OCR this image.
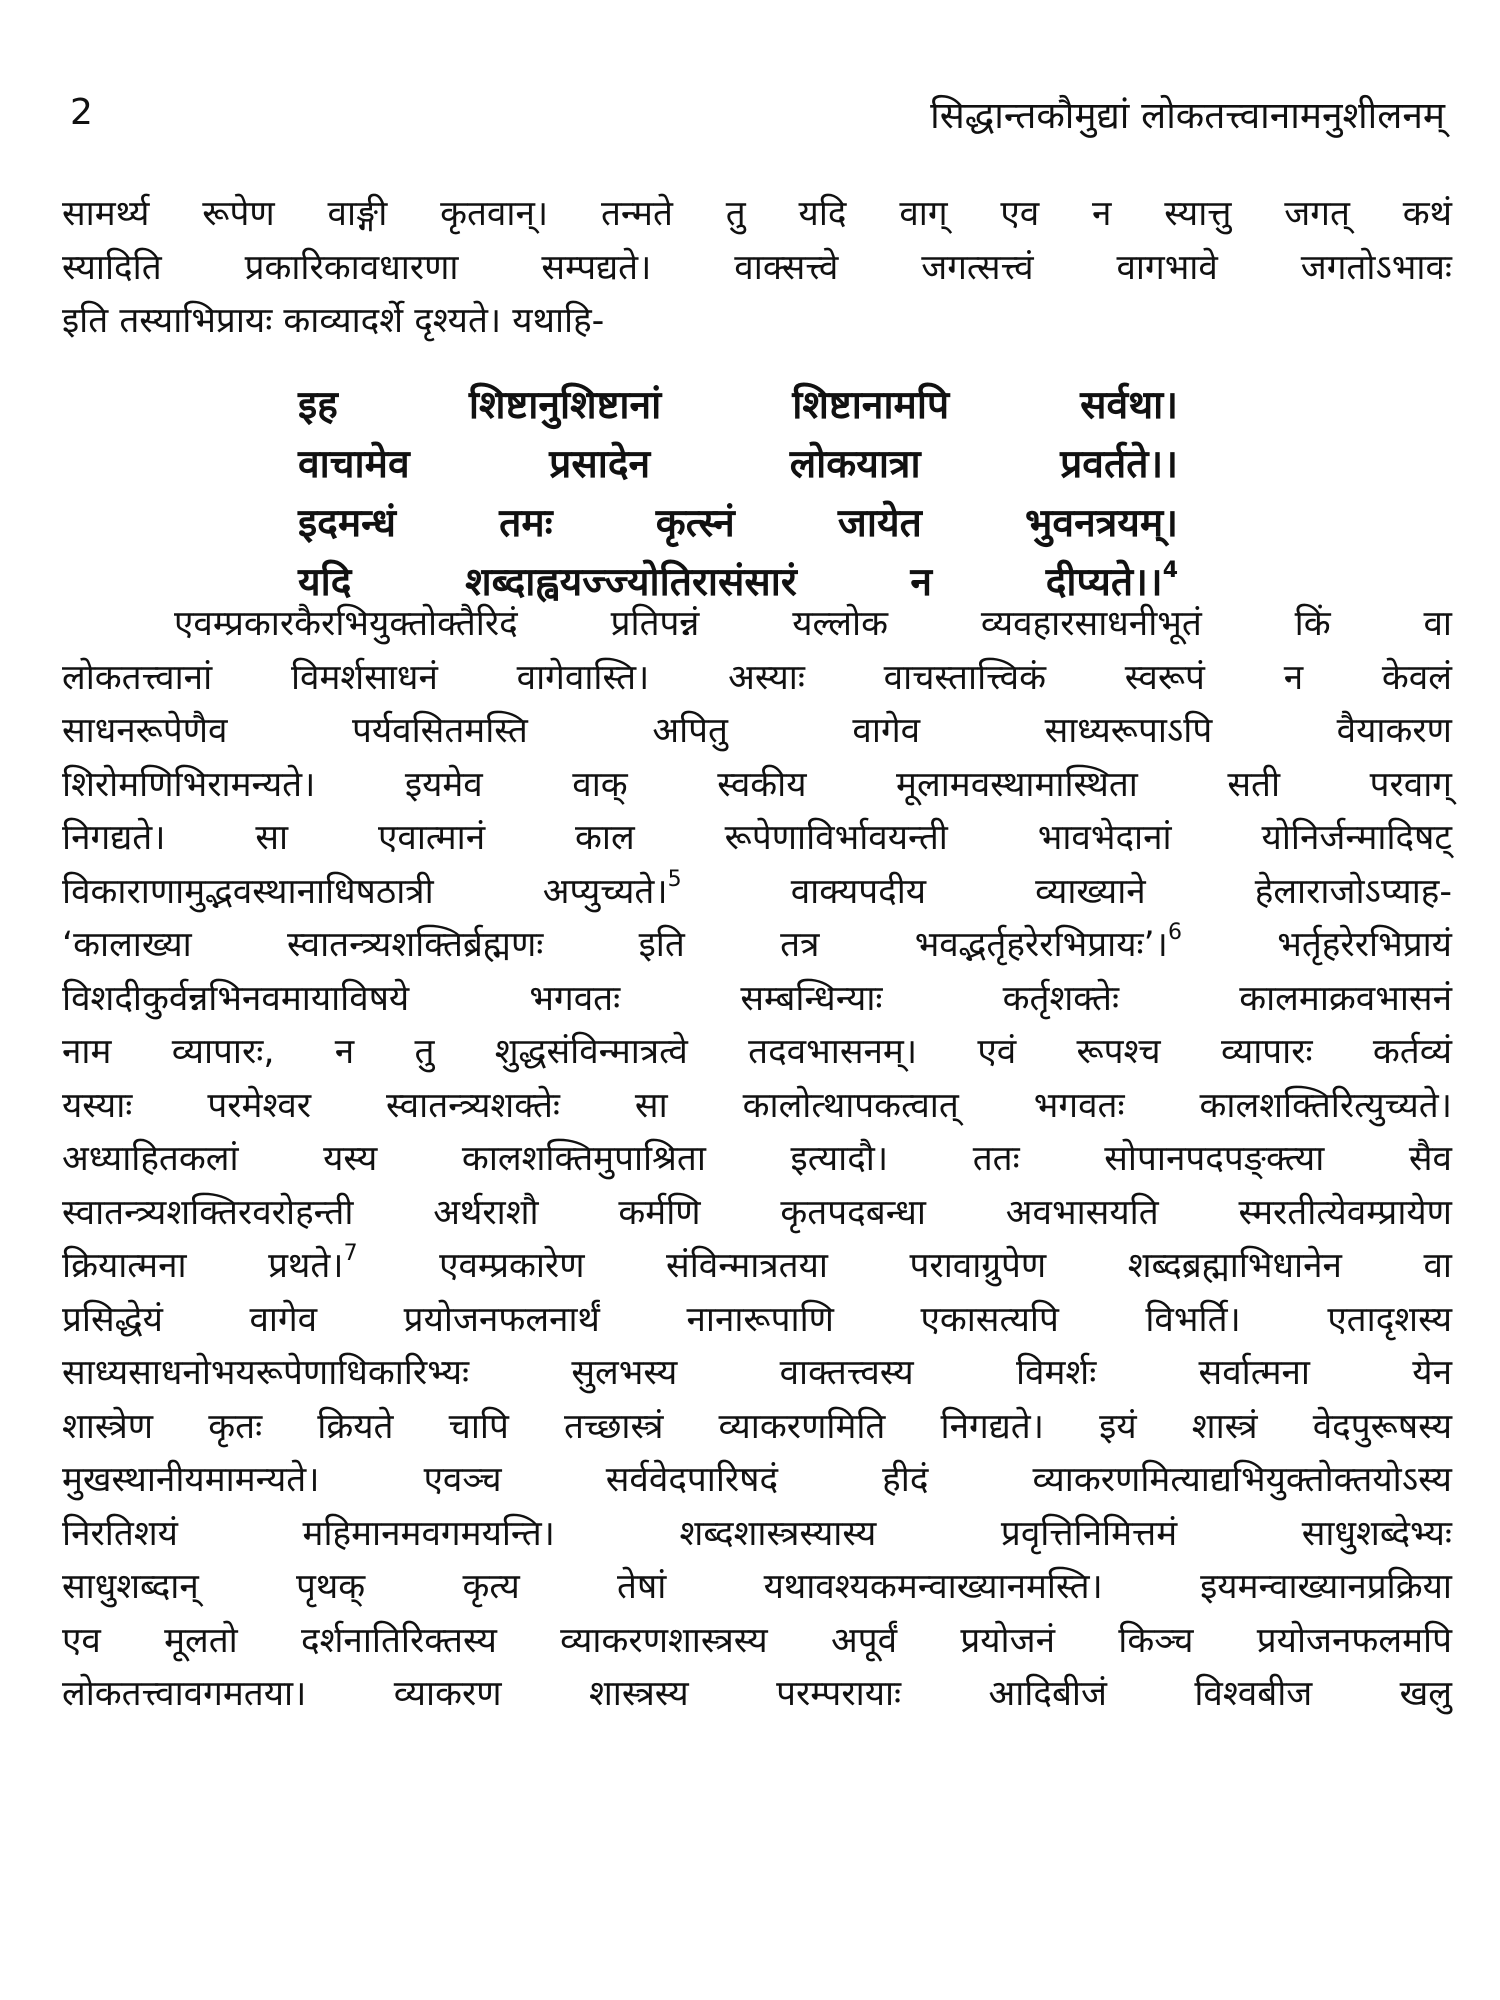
2	सिद्धान्तकौमुद्यां लोकतत्त्वानामनुशीलनम्
सामर्थ्य रूपेण वाङ्गी कृतवान्। तन्मते तु यदि वाग् एव न स्यात्तु जगत् कथं
स्यादिति प्रकारिकावधारणा सम्पद्यते। वाक्सत्त्वे जगत्सत्त्वं वागभावे जगतोऽभावः
इति तस्याभिप्रायः काव्यादर्शे दृश्यते। यथाहि-
इह शिष्टानुशिष्टानां शिष्टानामपि सर्वथा।
वाचामेव प्रसादेन लोकयात्रा प्रवर्तते।।
इदमन्धं तमः कृत्स्नं जायेत भुवनत्रयम्।
यदि शब्दाह्वयज्ज्योतिरासंसारं न दीप्यते।।$^4$
एवम्प्रकारकैरभियुक्तोक्तैरिदं प्रतिपन्नं यल्लोक व्यवहारसाधनीभूतं किं वा
लोकतत्त्वानां विमर्शसाधनं वागेवास्ति। अस्याः वाचस्तात्त्विकं स्वरूपं न केवलं
साधनरूपेणैव पर्यवसितमस्ति अपितु वागेव साध्यरूपाऽपि वैयाकरण
शिरोमणिभिरामन्यते। इयमेव वाक् स्वकीय मूलामवस्थामास्थिता सती परवाग्
निगद्यते। सा एवात्मानं काल रूपेणाविर्भावयन्ती भावभेदानां योनिर्जन्मादिषट्
विकाराणामुद्भवस्थानाधिषठात्री अप्युच्यते।$^5$ वाक्यपदीय व्याख्याने हेलाराजोऽप्याह-
‘कालाख्या स्वातन्त्र्यशक्तिर्ब्रह्मणः इति तत्र भवद्भर्तृहरेरभिप्रायः’।$^6$ भर्तृहरेरभिप्रायं
विशदीकुर्वन्नभिनवमायाविषये भगवतः सम्बन्धिन्याः कर्तृशक्तेः कालमाक्रवभासनं
नाम व्यापारः, न तु शुद्धसंविन्मात्रत्वे तदवभासनम्। एवं रूपश्च व्यापारः कर्तव्यं
यस्याः परमेश्वर स्वातन्त्र्यशक्तेः सा कालोत्थापकत्वात् भगवतः कालशक्तिरित्युच्यते।
अध्याहितकलां यस्य कालशक्तिमुपाश्रिता इत्यादौ। ततः सोपानपदपङ्क्त्या सैव
स्वातन्त्र्यशक्तिरवरोहन्ती अर्थराशौ कर्मणि कृतपदबन्धा अवभासयति स्मरतीत्येवम्प्रायेण
क्रियात्मना प्रथते।$^7$ एवम्प्रकारेण संविन्मात्रतया परावाग्रुपेण शब्दब्रह्माभिधानेन वा
प्रसिद्धेयं वागेव प्रयोजनफलनार्थं नानारूपाणि एकासत्यपि विभर्ति। एतादृशस्य
साध्यसाधनोभयरूपेणाधिकारिभ्यः सुलभस्य वाक्तत्त्वस्य विमर्शः सर्वात्मना येन
शास्त्रेण कृतः क्रियते चापि तच्छास्त्रं व्याकरणमिति निगद्यते। इयं शास्त्रं वेदपुरूषस्य
मुखस्थानीयमामन्यते। एवञ्च सर्ववेदपारिषदं हीदं व्याकरणमित्याद्यभियुक्तोक्तयोऽस्य
निरतिशयं महिमानमवगमयन्ति। शब्दशास्त्रस्यास्य प्रवृत्तिनिमित्तमं साधुशब्देभ्यः
साधुशब्दान् पृथक् कृत्य तेषां यथावश्यकमन्वाख्यानमस्ति। इयमन्वाख्यानप्रक्रिया
एव मूलतो दर्शनातिरिक्तस्य व्याकरणशास्त्रस्य अपूर्वं प्रयोजनं किञ्च प्रयोजनफलमपि
लोकतत्त्वावगमतया। व्याकरण शास्त्रस्य परम्परायाः आदिबीजं विश्वबीज खलु
